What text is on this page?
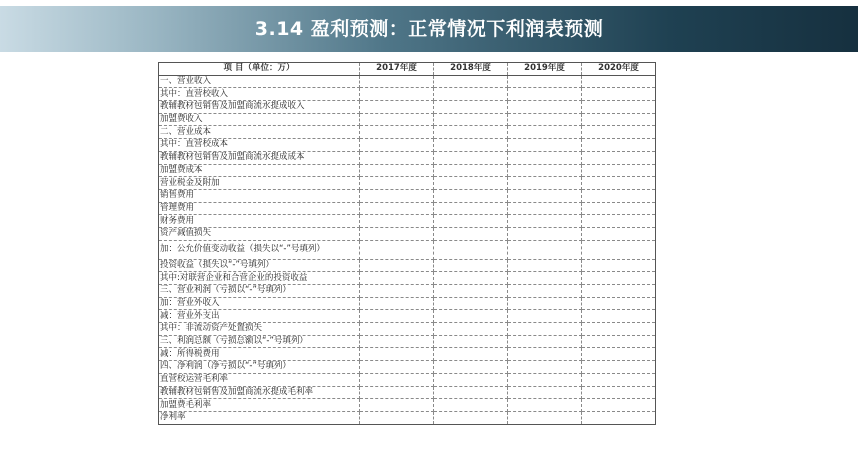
3.14 盈利预测：正常情况下利润表预测
项 目（单位：万）	2017年度	2018年度	2019年度	2020年度
一、营业收入				
其中：直营校收入				
教辅教材包销售及加盟商流水提成收入				
加盟费收入				
二、营业成本				
其中：直营校成本				
教辅教材包销售及加盟商流水提成成本				
加盟费成本				
营业税金及附加				
销售费用				
管理费用				
财务费用				
资产减值损失				
加：公允价值变动收益（损失以“-”号填列）				
投资收益（损失以“-”号填列）				
其中:对联营企业和合营企业的投资收益				
三、营业利润（亏损以“-”号填列）				
加：营业外收入				
减：营业外支出				
其中：非流动资产处置损失				
三、利润总额（亏损总额以“-”号填列）				
减：所得税费用				
四、净利润（净亏损以“-”号填列）				
直营校运营毛利率				
教辅教材包销售及加盟商流水提成毛利率				
加盟费毛利率				
净利率				
